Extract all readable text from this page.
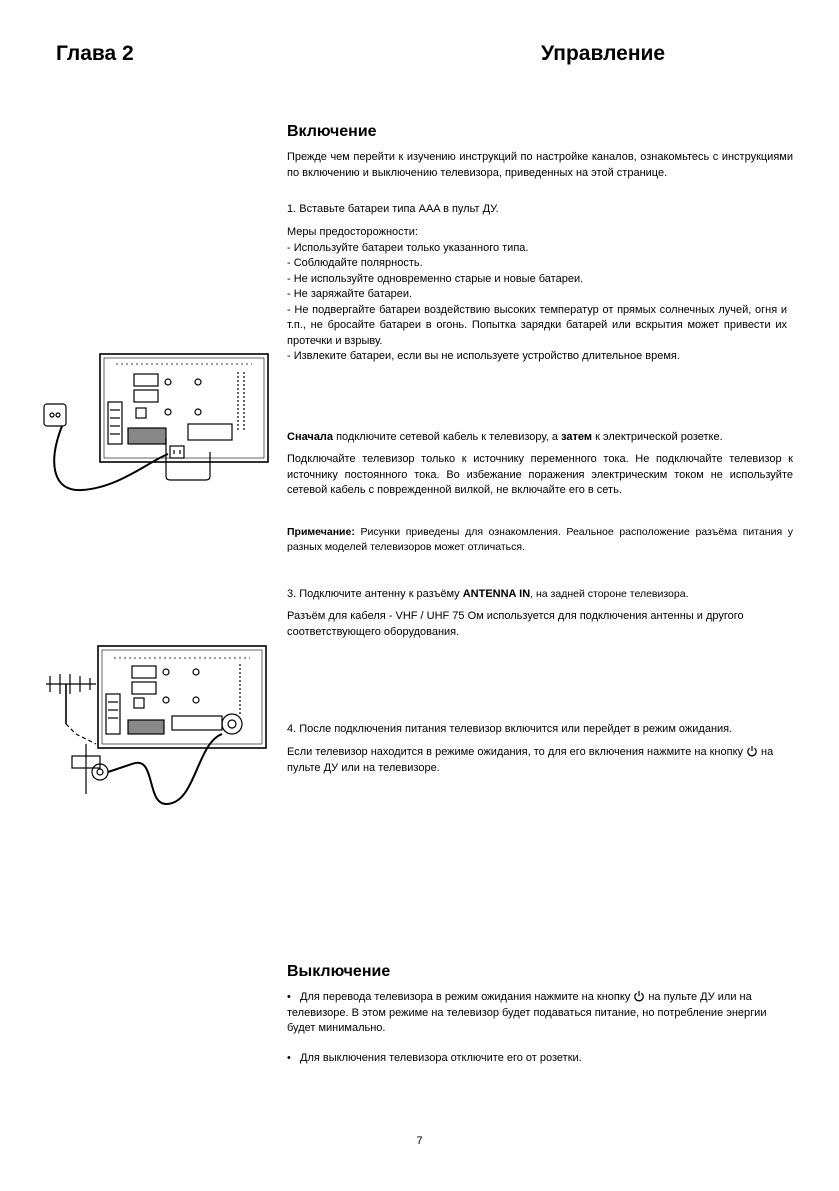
Глава 2	Управление
Включение
Прежде чем перейти к изучению инструкций по настройке каналов, ознакомьтесь с инструкциями по включению и выключению телевизора, приведенных на этой странице.
1. Вставьте батареи типа AAA в пульт ДУ.
Меры предосторожности:
- Используйте батареи только указанного типа.
- Соблюдайте полярность.
- Не используйте одновременно старые и новые батареи.
- Не заряжайте батареи.
- Не подвергайте батареи воздействию высоких температур от прямых солнечных лучей, огня и т.п., не бросайте батареи в огонь. Попытка зарядки батарей или вскрытия может привести их протечки и взрыву.
- Извлеките батареи, если вы не используете устройство длительное время.
Сначала подключите сетевой кабель к телевизору, а затем к электрической розетке.
Подключайте телевизор только к источнику переменного тока. Не подключайте телевизор к источнику постоянного тока. Во избежание поражения электрическим током не используйте сетевой кабель с поврежденной вилкой, не включайте его в сеть.
Примечание: Рисунки приведены для ознакомления. Реальное расположение разъёма питания у разных моделей телевизоров может отличаться.
3. Подключите антенну к разъёму ANTENNA IN, на задней стороне телевизора.
Разъём для кабеля - VHF / UHF 75 Ом используется для подключения антенны и другого соответствующего оборудования.
4. После подключения питания телевизор включится или перейдет в режим ожидания.
Если телевизор находится в режиме ожидания, то для его включения нажмите на кнопку на пульте ДУ или на телевизоре.
Выключение
•   Для перевода телевизора в режим ожидания нажмите на кнопку на пульте ДУ или на телевизоре. В этом режиме на телевизор будет подаваться питание, но потребление энергии будет минимально.
•   Для выключения телевизора отключите его от розетки.
7
